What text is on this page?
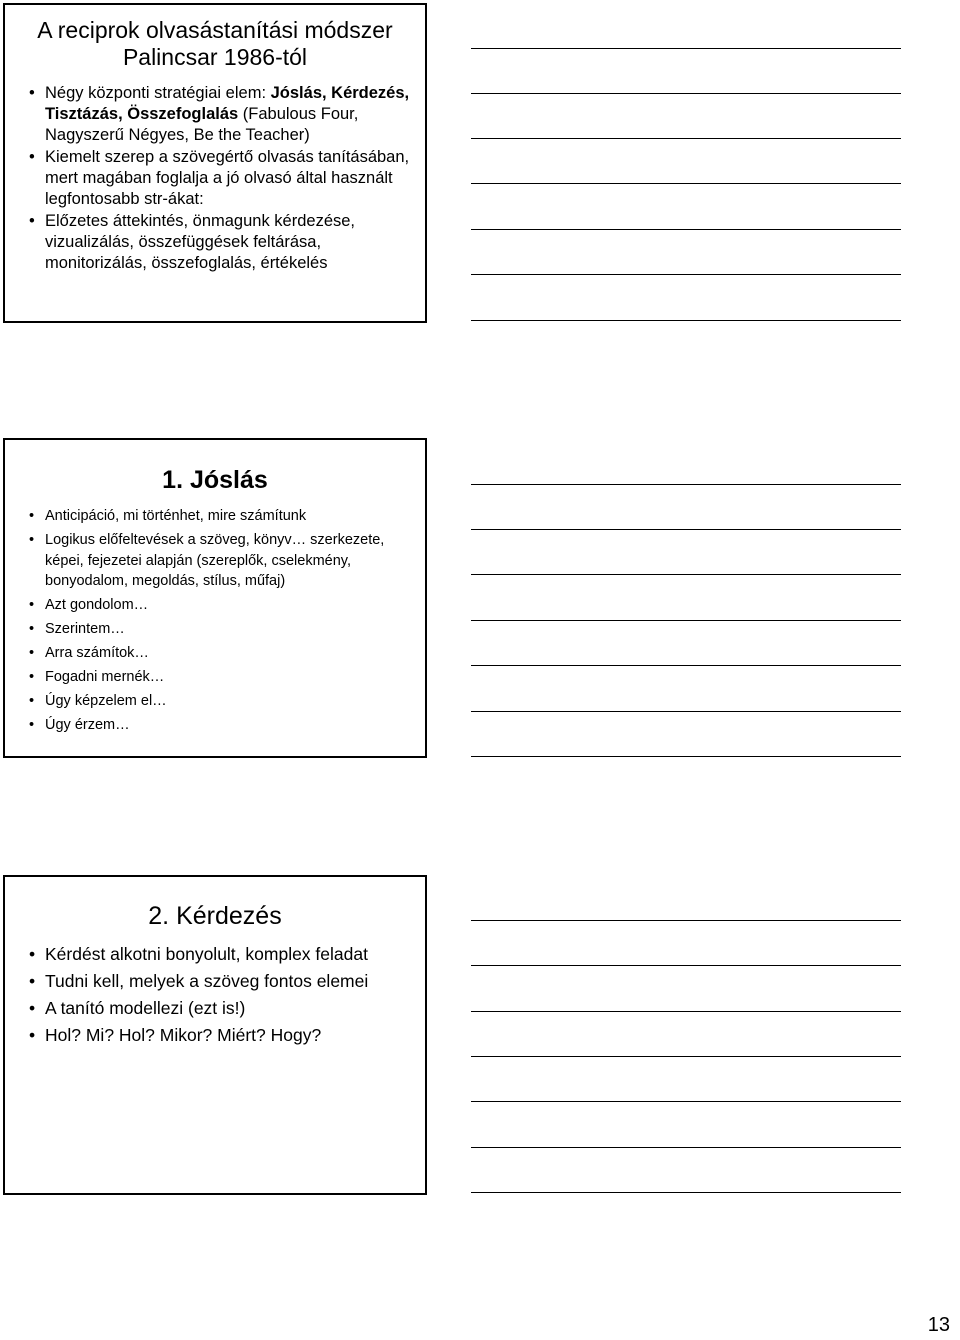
A reciprok olvasástanítási módszer
Palincsar 1986-tól
• Négy központi stratégiai elem: Jóslás, Kérdezés, Tisztázás, Összefoglalás (Fabulous Four, Nagyszerű Négyes, Be the Teacher)
• Kiemelt szerep a szövegértő olvasás tanításában, mert magában foglalja a jó olvasó által használt legfontosabb str-ákat:
• Előzetes áttekintés, önmagunk kérdezése, vizualizálás, összefüggések feltárása, monitorizálás, összefoglalás, értékelés
1. Jóslás
• Anticipáció, mi történhet, mire számítunk
• Logikus előfeltevések a szöveg, könyv… szerkezete, képei, fejezetei alapján (szereplők, cselekmény, bonyodalom, megoldás, stílus, műfaj)
• Azt gondolom…
• Szerintem…
• Arra számítok…
• Fogadni mernék…
• Úgy képzelem el…
• Úgy érzem…
2. Kérdezés
• Kérdést alkotni bonyolult, komplex feladat
• Tudni kell, melyek a szöveg fontos elemei
• A tanító modellezi (ezt is!)
• Hol? Mi? Hol? Mikor? Miért? Hogy?
13
